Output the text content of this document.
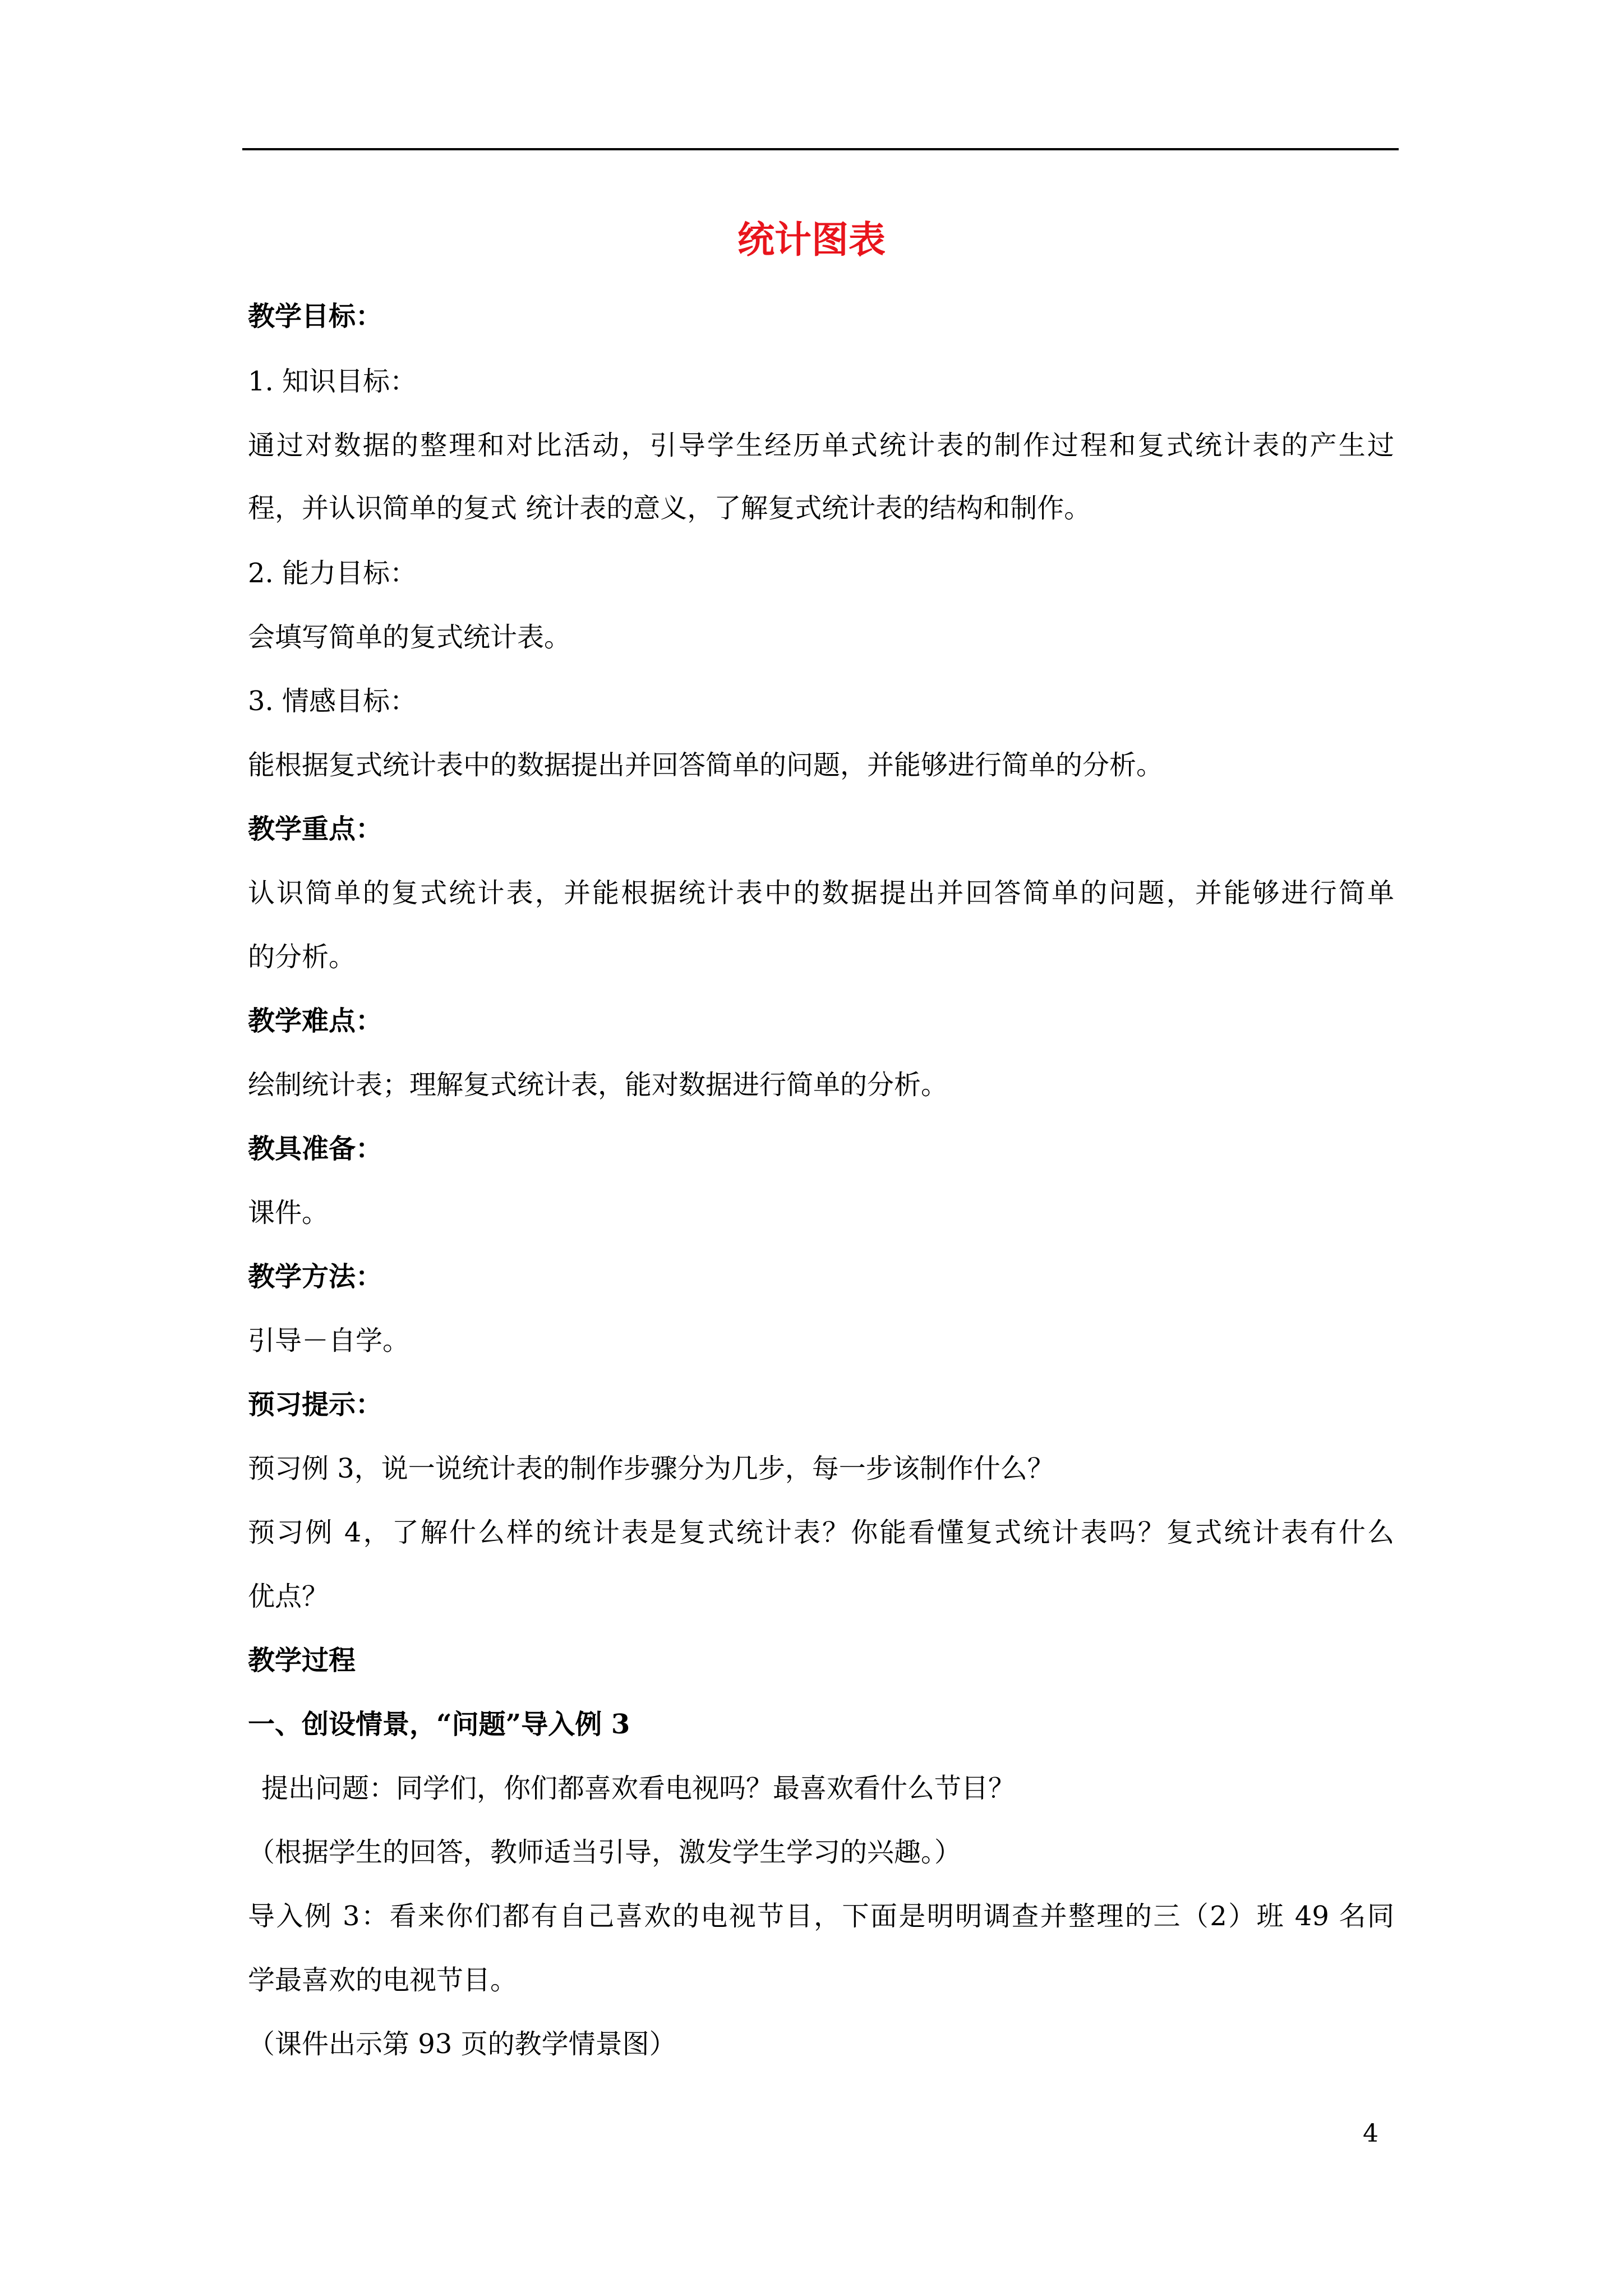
统计图表
教学目标：
1. 知识目标：
通过对数据的整理和对比活动，引导学生经历单式统计表的制作过程和复式统计表的产生过
程，并认识简单的复式 统计表的意义，了解复式统计表的结构和制作。
2. 能力目标：
会填写简单的复式统计表。
3. 情感目标：
能根据复式统计表中的数据提出并回答简单的问题，并能够进行简单的分析。
教学重点：
认识简单的复式统计表，并能根据统计表中的数据提出并回答简单的问题，并能够进行简单
的分析。
教学难点：
绘制统计表；理解复式统计表，能对数据进行简单的分析。
教具准备：
课件。
教学方法：
引导－自学。
预习提示：
预习例 3，说一说统计表的制作步骤分为几步，每一步该制作什么？
预习例 4，了解什么样的统计表是复式统计表？你能看懂复式统计表吗？复式统计表有什么
优点？
教学过程
一、创设情景，“问题”导入例 3
提出问题：同学们，你们都喜欢看电视吗？最喜欢看什么节目？
（根据学生的回答，教师适当引导，激发学生学习的兴趣。）
导入例 3：看来你们都有自己喜欢的电视节目，下面是明明调查并整理的三（2）班 49 名同
学最喜欢的电视节目。
（课件出示第 93 页的教学情景图）
4
